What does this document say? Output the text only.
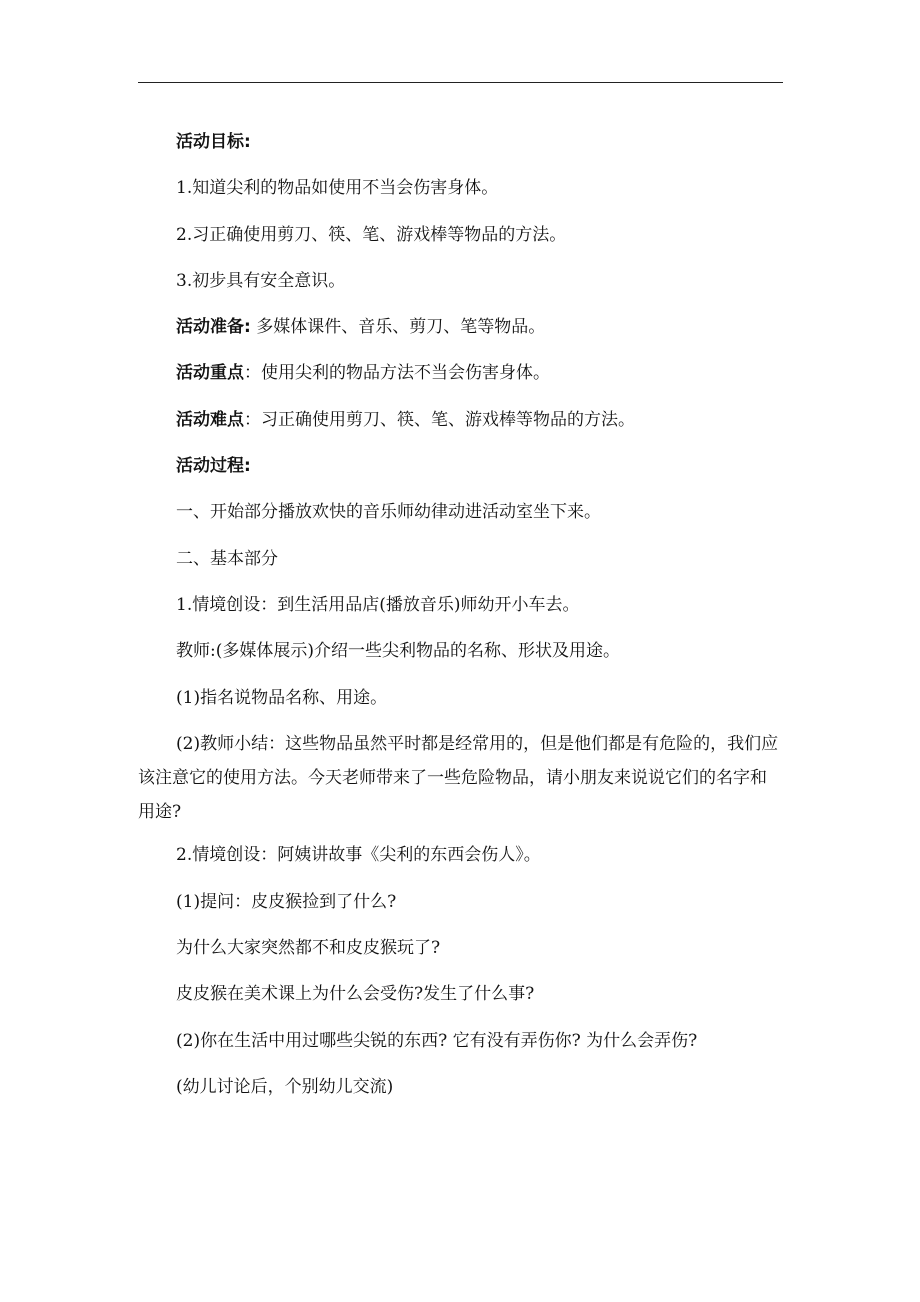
活动目标:

1.知道尖利的物品如使用不当会伤害身体。

2.习正确使用剪刀、筷、笔、游戏棒等物品的方法。

3.初步具有安全意识。

活动准备: 多媒体课件、音乐、剪刀、笔等物品。

活动重点：使用尖利的物品方法不当会伤害身体。

活动难点：习正确使用剪刀、筷、笔、游戏棒等物品的方法。

活动过程:

一、开始部分播放欢快的音乐师幼律动进活动室坐下来。

二、基本部分

1.情境创设：到生活用品店(播放音乐)师幼开小车去。

教师:(多媒体展示)介绍一些尖利物品的名称、形状及用途。

(1)指名说物品名称、用途。

(2)教师小结：这些物品虽然平时都是经常用的，但是他们都是有危险的，我们应该注意它的使用方法。今天老师带来了一些危险物品，请小朋友来说说它们的名字和用途?

2.情境创设：阿姨讲故事《尖利的东西会伤人》。

(1)提问：皮皮猴捡到了什么?

为什么大家突然都不和皮皮猴玩了?

皮皮猴在美术课上为什么会受伤?发生了什么事?

(2)你在生活中用过哪些尖锐的东西? 它有没有弄伤你? 为什么会弄伤?

(幼儿讨论后，个别幼儿交流)
